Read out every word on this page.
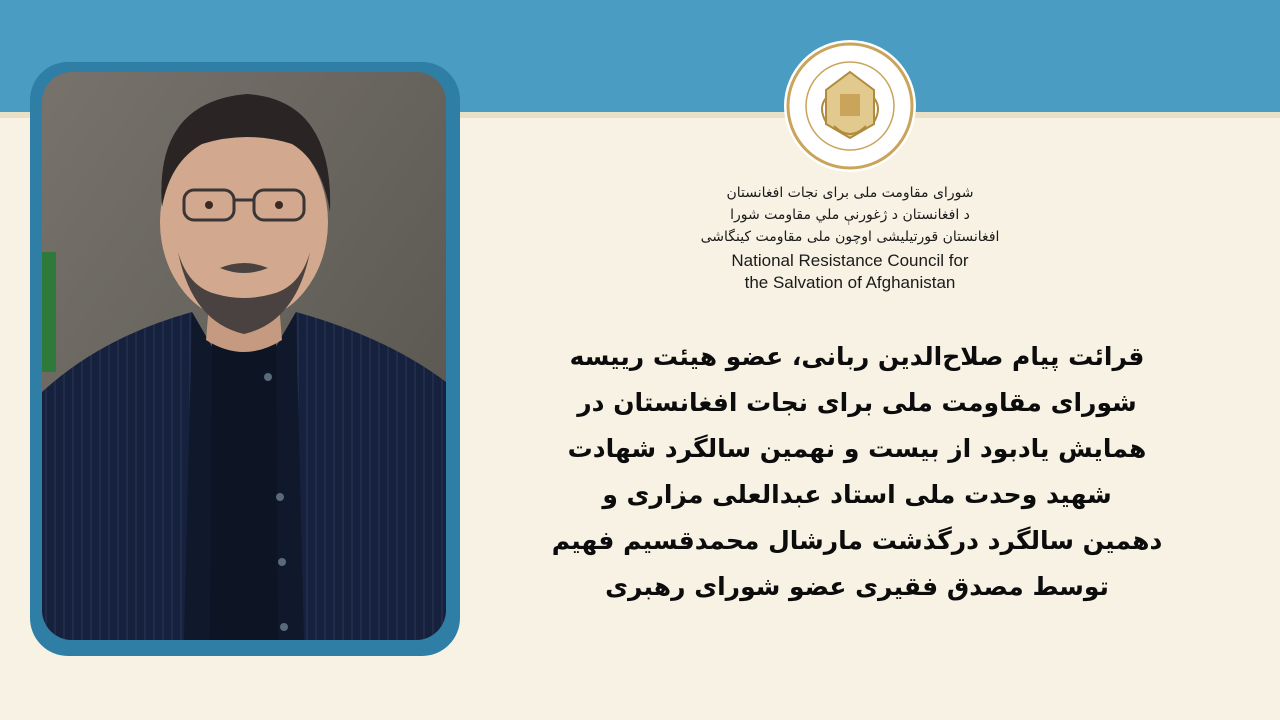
شورای مقاومت ملی برای نجات افغانستان

د افغانستان د ژغورنې ملي مقاومت شورا

افغانستان قورتیلیشی اوچون ملی مقاومت کینگاشی

National Resistance Council for

the Salvation of Afghanistan

قرائت پیام صلاح‌الدین ربانی، عضو هیئت رییسه

شورای مقاومت ملی برای نجات افغانستان در

همایش یادبود از بیست و نهمین سالگرد شهادت

شهید وحدت ملی استاد عبدالعلی مزاری و

دهمین سالگرد درگذشت مارشال محمدقسیم فهیم

توسط مصدق فقیری عضو شورای رهبری
